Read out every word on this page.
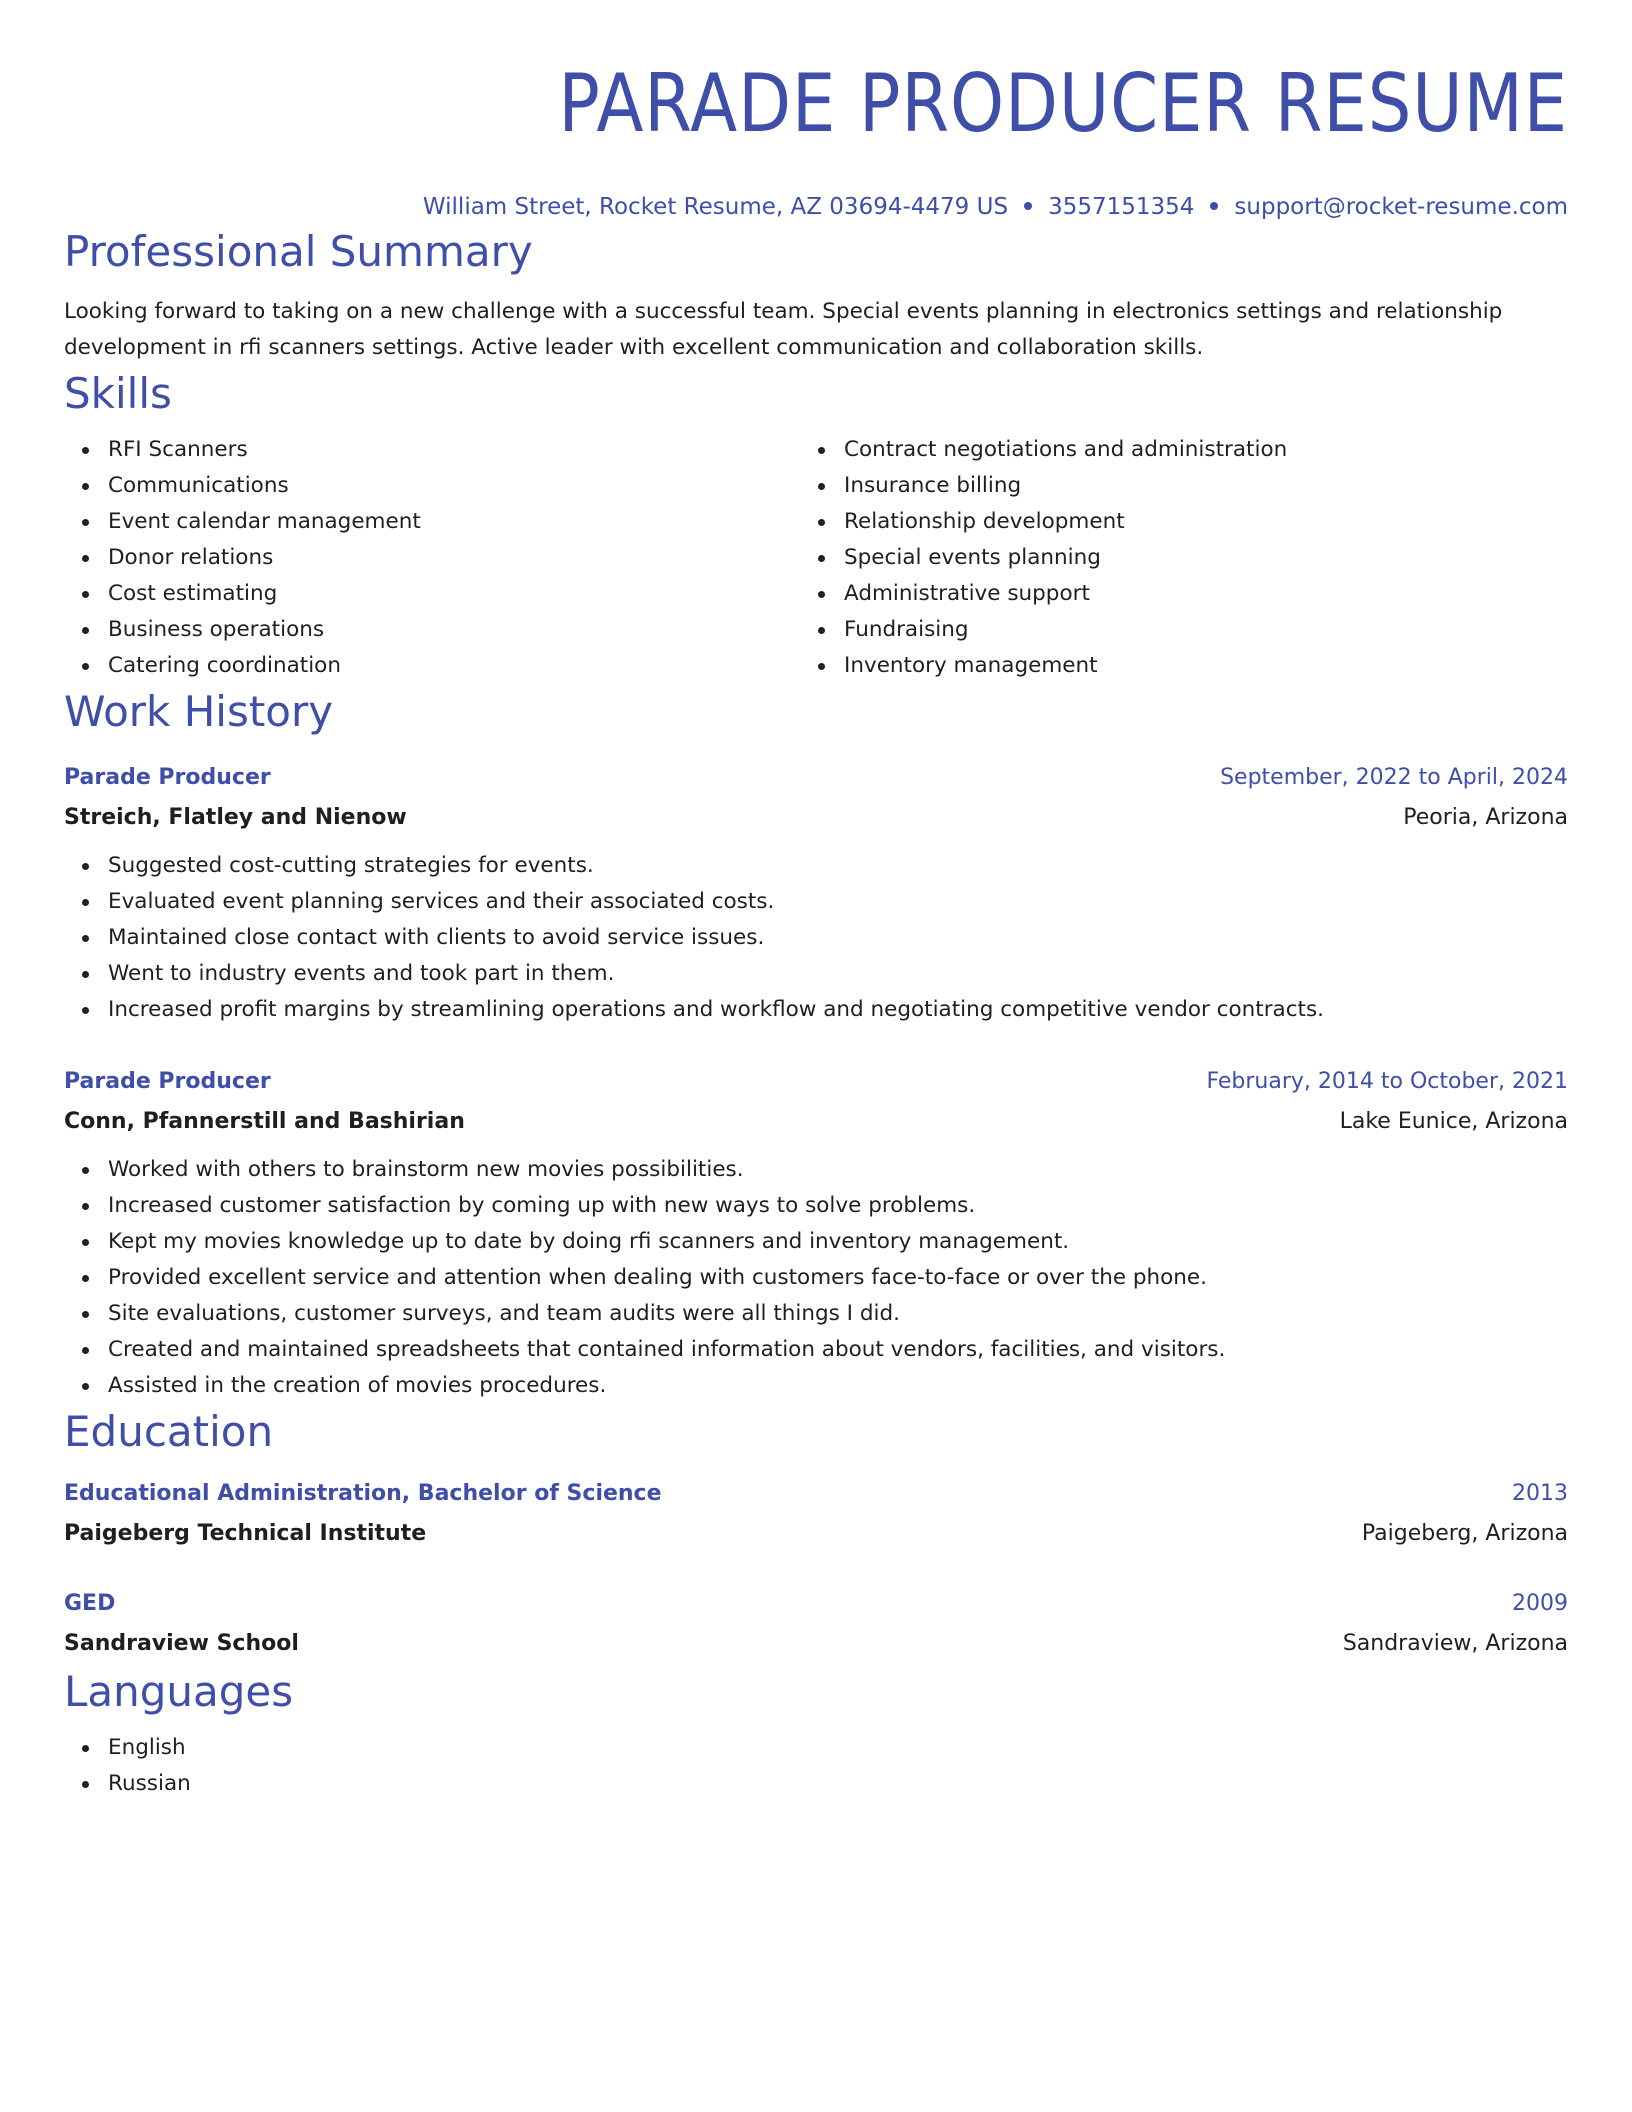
PARADE PRODUCER RESUME
William Street, Rocket Resume, AZ 03694-4479 US 3557151354 support@rocket-resume.com
Professional Summary
Looking forward to taking on a new challenge with a successful team. Special events planning in electronics settings and relationship development in rfi scanners settings. Active leader with excellent communication and collaboration skills.
Skills
RFI Scanners
Communications
Event calendar management
Donor relations
Cost estimating
Business operations
Catering coordination
Contract negotiations and administration
Insurance billing
Relationship development
Special events planning
Administrative support
Fundraising
Inventory management
Work History
Parade Producer	September, 2022 to April, 2024
Streich, Flatley and Nienow	Peoria, Arizona
Suggested cost-cutting strategies for events.
Evaluated event planning services and their associated costs.
Maintained close contact with clients to avoid service issues.
Went to industry events and took part in them.
Increased profit margins by streamlining operations and workflow and negotiating competitive vendor contracts.
Parade Producer	February, 2014 to October, 2021
Conn, Pfannerstill and Bashirian	Lake Eunice, Arizona
Worked with others to brainstorm new movies possibilities.
Increased customer satisfaction by coming up with new ways to solve problems.
Kept my movies knowledge up to date by doing rfi scanners and inventory management.
Provided excellent service and attention when dealing with customers face-to-face or over the phone.
Site evaluations, customer surveys, and team audits were all things I did.
Created and maintained spreadsheets that contained information about vendors, facilities, and visitors.
Assisted in the creation of movies procedures.
Education
Educational Administration, Bachelor of Science	2013
Paigeberg Technical Institute	Paigeberg, Arizona
GED	2009
Sandraview School	Sandraview, Arizona
Languages
English
Russian
